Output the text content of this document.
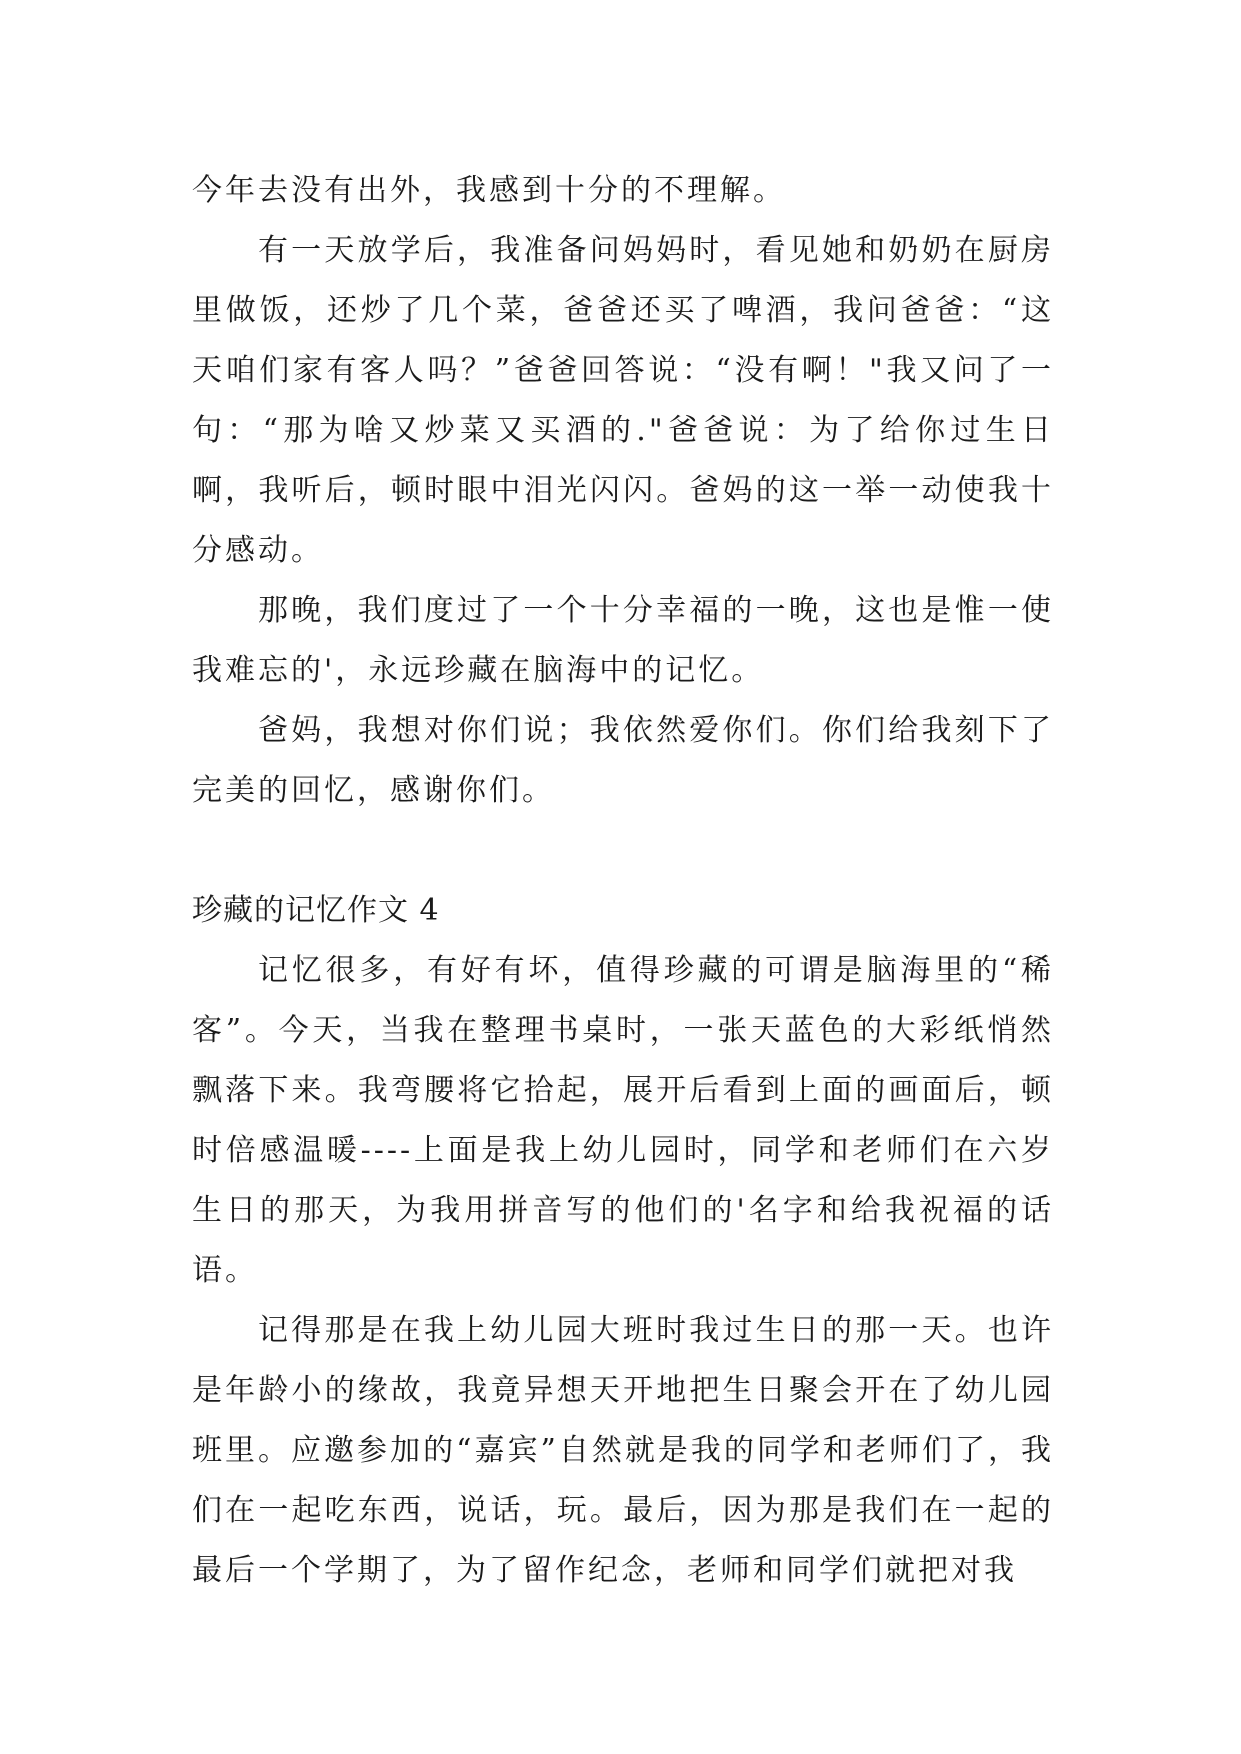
今年去没有出外，我感到十分的不理解。

有一天放学后，我准备问妈妈时，看见她和奶奶在厨房里做饭，还炒了几个菜，爸爸还买了啤酒，我问爸爸：“这天咱们家有客人吗？”爸爸回答说：“没有啊！"我又问了一句：“那为啥又炒菜又买酒的."爸爸说：为了给你过生日啊，我听后，顿时眼中泪光闪闪。爸妈的这一举一动使我十分感动。

那晚，我们度过了一个十分幸福的一晚，这也是惟一使我难忘的'，永远珍藏在脑海中的记忆。

爸妈，我想对你们说；我依然爱你们。你们给我刻下了完美的回忆，感谢你们。

珍藏的记忆作文 4

记忆很多，有好有坏，值得珍藏的可谓是脑海里的“稀客”。今天，当我在整理书桌时，一张天蓝色的大彩纸悄然飘落下来。我弯腰将它拾起，展开后看到上面的画面后，顿时倍感温暖----上面是我上幼儿园时，同学和老师们在六岁生日的那天，为我用拼音写的他们的'名字和给我祝福的话语。

记得那是在我上幼儿园大班时我过生日的那一天。也许是年龄小的缘故，我竟异想天开地把生日聚会开在了幼儿园班里。应邀参加的“嘉宾”自然就是我的同学和老师们了，我们在一起吃东西，说话，玩。最后，因为那是我们在一起的最后一个学期了，为了留作纪念，老师和同学们就把对我
